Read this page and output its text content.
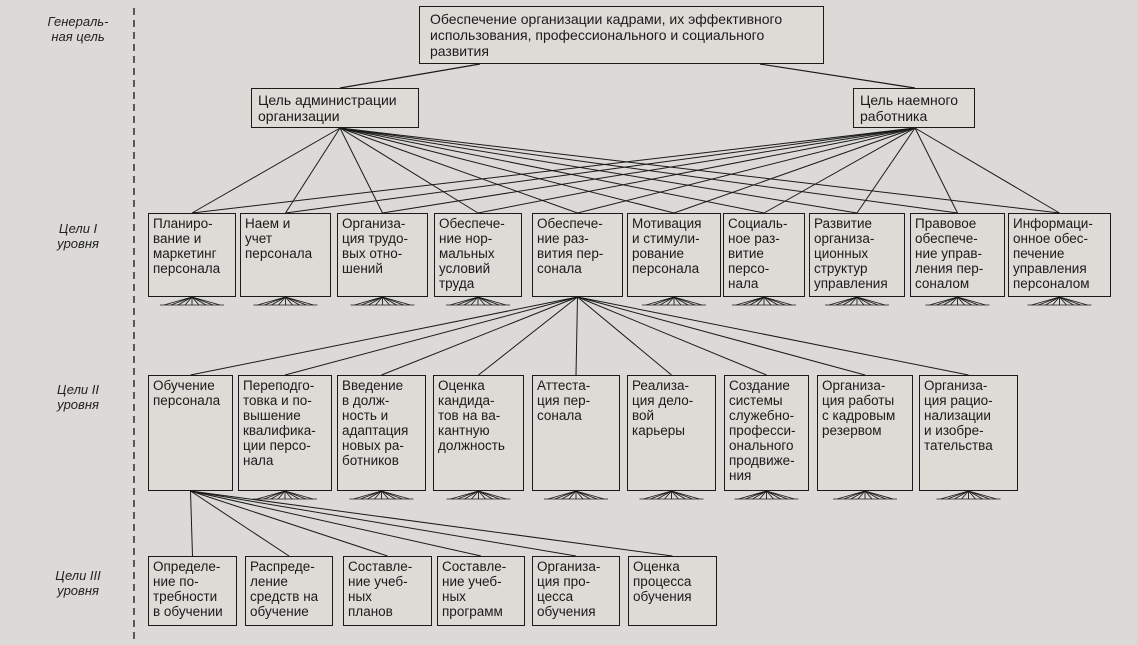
Генераль-
ная цель
Цели I
уровня
Цели II
уровня
Цели III
уровня
Обеспечение организации кадрами, их эффективного
использования, профессионального и социального
развития
Цель администрации
организации
Цель наемного
работника
Планиро-
вание и
маркетинг
персонала
Наем и
учет
персонала
Организа-
ция трудо-
вых отно-
шений
Обеспече-
ние нор-
мальных
условий
труда
Обеспече-
ние раз-
вития пер-
сонала
Мотивация
и стимули-
рование
персонала
Социаль-
ное раз-
витие
персо-
нала
Развитие
организа-
ционных
структур
управления
Правовое
обеспече-
ние управ-
ления пер-
соналом
Информаци-
онное обес-
печение
управления
персоналом
Обучение
персонала
Переподго-
товка и по-
вышение
квалифика-
ции персо-
нала
Введение
в долж-
ность и
адаптация
новых ра-
ботников
Оценка
кандида-
тов на ва-
кантную
должность
Аттеста-
ция пер-
сонала
Реализа-
ция дело-
вой
карьеры
Создание
системы
служебно-
професси-
онального
продвиже-
ния
Организа-
ция работы
с кадровым
резервом
Организа-
ция рацио-
нализации
и изобре-
тательства
Определе-
ние по-
требности
в обучении
Распреде-
ление
средств на
обучение
Составле-
ние учеб-
ных
планов
Составле-
ние учеб-
ных
программ
Организа-
ция про-
цесса
обучения
Оценка
процесса
обучения
